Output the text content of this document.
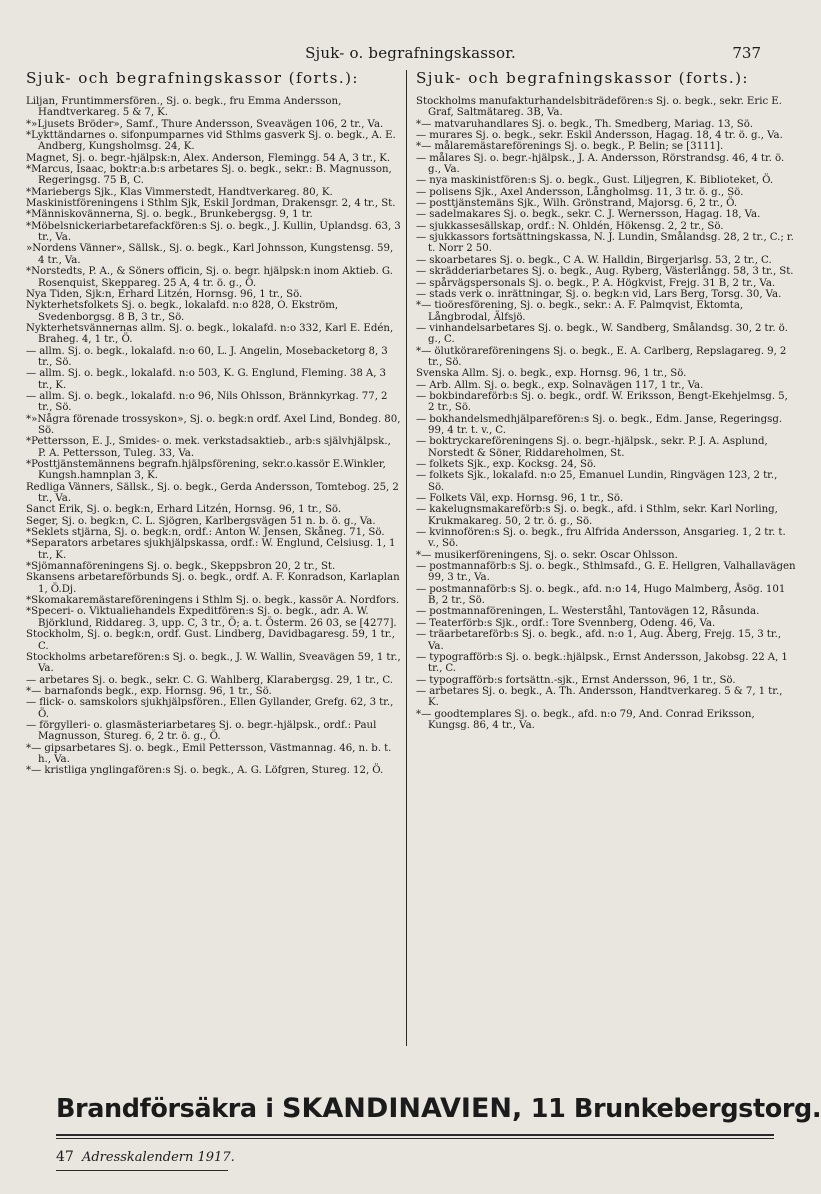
Sjuk- o. begrafningskassor.	737
Sjuk- och begrafningskassor (forts.):
Liljan, Fruntimmersfören., Sj. o. begk., fru Emma Andersson, Handtverkareg. 5 & 7, K.
*»Ljusets Bröder», Samf., Thure Andersson, Sveavägen 106, 2 tr., Va.
*Lykttändarnes o. sifonpumparnes vid Sthlms gasverk Sj. o. begk., A. E. Andberg, Kungsholmsg. 24, K.
Magnet, Sj. o. begr.-hjälpsk:n, Alex. Anderson, Flemingg. 54 A, 3 tr., K.
*Marcus, Isaac, boktr:a.b:s arbetares Sj. o. begk., sekr.: B. Magnusson, Regeringsg. 75 B, C.
*Mariebergs Sjk., Klas Vimmerstedt, Handtverkareg. 80, K.
Maskinistföreningens i Sthlm Sjk, Eskil Jordman, Drakensgr. 2, 4 tr., St.
*Människovännerna, Sj. o. begk., Brunkebergsg. 9, 1 tr.
*Möbelsnickeriarbetarefackfören:s Sj. o. begk., J. Kullin, Uplandsg. 63, 3 tr., Va.
»Nordens Vänner», Sällsk., Sj. o. begk., Karl Johnsson, Kungstensg. 59, 4 tr., Va.
*Norstedts, P. A., & Söners officin, Sj. o. begr. hjälpsk:n inom Aktieb. G. Rosenquist, Skeppareg. 25 A, 4 tr. ö. g., Ö.
Nya Tiden, Sjk:n, Erhard Litzén, Hornsg. 96, 1 tr., Sö.
Nykterhetsfolkets Sj. o. begk., lokalafd. n:o 828, O. Ekström, Svedenborgsg. 8 B, 3 tr., Sö.
Nykterhetsvännernas allm. Sj. o. begk., lokalafd. n:o 332, Karl E. Edén, Braheg. 4, 1 tr., Ö.
— allm. Sj. o. begk., lokalafd. n:o 60, L. J. Angelin, Mosebacketorg 8, 3 tr., Sö.
— allm. Sj. o. begk., lokalafd. n:o 503, K. G. Englund, Fleming. 38 A, 3 tr., K.
— allm. Sj. o. begk., lokalafd. n:o 96, Nils Ohlsson, Brännkyrkag. 77, 2 tr., Sö.
*»Några förenade trossyskon», Sj. o. begk:n ordf. Axel Lind, Bondeg. 80, Sö.
*Pettersson, E. J., Smides- o. mek. verkstadsaktieb., arb:s självhjälpsk., P. A. Pettersson, Tuleg. 33, Va.
*Posttjänstemännens begrafn.hjälpsförening, sekr.o.kassör E.Winkler, Kungsh.hamnplan 3, K.
Redliga Vänners, Sällsk., Sj. o. begk., Gerda Andersson, Tomtebog. 25, 2 tr., Va.
Sanct Erik, Sj. o. begk:n, Erhard Litzén, Hornsg. 96, 1 tr., Sö.
Seger, Sj. o. begk:n, C. L. Sjögren, Karlbergsvägen 51 n. b. ö. g., Va.
*Seklets stjärna, Sj. o. begk:n, ordf.: Anton W. Jensen, Skåneg. 71, Sö.
*Separators arbetares sjukhjälpskassa, ordf.: W. Englund, Celsiusg. 1, 1 tr., K.
*Sjömannaföreningens Sj. o. begk., Skeppsbron 20, 2 tr., St.
Skansens arbetareförbunds Sj. o. begk., ordf. A. F. Konradson, Karlaplan 1, Ö.Dj.
*Skomakaremästareföreningens i Sthlm Sj. o. begk., kassör A. Nordfors.
*Speceri- o. Viktualiehandels Expeditfören:s Sj. o. begk., adr. A. W. Björklund, Riddareg. 3, upp. C, 3 tr., Ö; a. t. Österm. 26 03, se [4277].
Stockholm, Sj. o. begk:n, ordf. Gust. Lindberg, Davidbagaresg. 59, 1 tr., C.
Stockholms arbetarefören:s Sj. o. begk., J. W. Wallin, Sveavägen 59, 1 tr., Va.
— arbetares Sj. o. begk., sekr. C. G. Wahlberg, Klarabergsg. 29, 1 tr., C.
*— barnafonds begk., exp. Hornsg. 96, 1 tr., Sö.
— flick- o. samskolors sjukhjälpsfören., Ellen Gyllander, Grefg. 62, 3 tr., Ö.
— förgylleri- o. glasmästeriarbetares Sj. o. begr.-hjälpsk., ordf.: Paul Magnusson, Stureg. 6, 2 tr. ö. g., Ö.
*— gipsarbetares Sj. o. begk., Emil Pettersson, Västmannag. 46, n. b. t. h., Va.
*— kristliga ynglingafören:s Sj. o. begk., A. G. Löfgren, Stureg. 12, Ö.
Sjuk- och begrafningskassor (forts.):
Stockholms manufakturhandelsbiträdefören:s Sj. o. begk., sekr. Eric E. Graf, Saltmätareg. 3B, Va.
*— matvaruhandlares Sj. o. begk., Th. Smedberg, Mariag. 13, Sö.
— murares Sj. o. begk., sekr. Eskil Andersson, Hagag. 18, 4 tr. ö. g., Va.
*— målaremästareförenings Sj. o. begk., P. Belin; se [3111].
— målares Sj. o. begr.-hjälpsk., J. A. Andersson, Rörstrandsg. 46, 4 tr. ö. g., Va.
— nya maskinistfören:s Sj. o. begk., Gust. Liljegren, K. Biblioteket, Ö.
— polisens Sjk., Axel Andersson, Långholmsg. 11, 3 tr. ö. g., Sö.
— posttjänstemäns Sjk., Wilh. Grönstrand, Majorsg. 6, 2 tr., Ö.
— sadelmakares Sj. o. begk., sekr. C. J. Wernersson, Hagag. 18, Va.
— sjukkassesällskap, ordf.: N. Ohldén, Hökensg. 2, 2 tr., Sö.
— sjukkassors fortsättningskassa, N. J. Lundin, Smålandsg. 28, 2 tr., C.; r. t. Norr 2 50.
— skoarbetares Sj. o. begk., C A. W. Halldin, Birgerjarlsg. 53, 2 tr., C.
— skrädderiarbetares Sj. o. begk., Aug. Ryberg, Västerlångg. 58, 3 tr., St.
— spårvägspersonals Sj. o. begk., P. A. Högkvist, Frejg. 31 B, 2 tr., Va.
— stads verk o. inrättningar, Sj. o. begk:n vid, Lars Berg, Torsg. 30, Va.
*— tioöresförening, Sj. o. begk., sekr.: A. F. Palmqvist, Ektomta, Långbrodal, Älfsjö.
— vinhandelsarbetares Sj. o. begk., W. Sandberg, Smålandsg. 30, 2 tr. ö. g., C.
*— ölutkörareföreningens Sj. o. begk., E. A. Carlberg, Repslagareg. 9, 2 tr., Sö.
Svenska Allm. Sj. o. begk., exp. Hornsg. 96, 1 tr., Sö.
— Arb. Allm. Sj. o. begk., exp. Solnavägen 117, 1 tr., Va.
— bokbindareförb:s Sj. o. begk., ordf. W. Eriksson, Bengt-Ekehjelmsg. 5, 2 tr., Sö.
— bokhandelsmedhjälparefören:s Sj. o. begk., Edm. Janse, Regeringsg. 99, 4 tr. t. v., C.
— boktryckareföreningens Sj. o. begr.-hjälpsk., sekr. P. J. A. Asplund, Norstedt & Söner, Riddareholmen, St.
— folkets Sjk., exp. Kocksg. 24, Sö.
— folkets Sjk., lokalafd. n:o 25, Emanuel Lundin, Ringvägen 123, 2 tr., Sö.
— Folkets Väl, exp. Hornsg. 96, 1 tr., Sö.
— kakelugnsmakareförb:s Sj. o. begk., afd. i Sthlm, sekr. Karl Norling, Krukmakareg. 50, 2 tr. ö. g., Sö.
— kvinnofören:s Sj. o. begk., fru Alfrida Andersson, Ansgarieg. 1, 2 tr. t. v., Sö.
*— musikerföreningens, Sj. o. sekr. Oscar Ohlsson.
— postmannaförb:s Sj. o. begk., Sthlmsafd., G. E. Hellgren, Valhallavägen 99, 3 tr., Va.
— postmannaförb:s Sj. o. begk., afd. n:o 14, Hugo Malmberg, Åsög. 101 B, 2 tr., Sö.
— postmannaföreningen, L. Westerståhl, Tantovägen 12, Råsunda.
— Teaterförb:s Sjk., ordf.: Tore Svennberg, Odeng. 46, Va.
— träarbetareförb:s Sj. o. begk., afd. n:o 1, Aug. Åberg, Frejg. 15, 3 tr., Va.
— typografförb:s Sj. o. begk.:hjälpsk., Ernst Andersson, Jakobsg. 22 A, 1 tr., C.
— typografförb:s fortsättn.-sjk., Ernst Andersson, 96, 1 tr., Sö.
— arbetares Sj. o. begk., A. Th. Andersson, Handtverkareg. 5 & 7, 1 tr., K.
*— goodtemplares Sj. o. begk., afd. n:o 79, And. Conrad Eriksson, Kungsg. 86, 4 tr., Va.
Brandförsäkra i SKANDINAVIEN, 11 Brunkebergstorg.
47 Adresskalendern 1917.
